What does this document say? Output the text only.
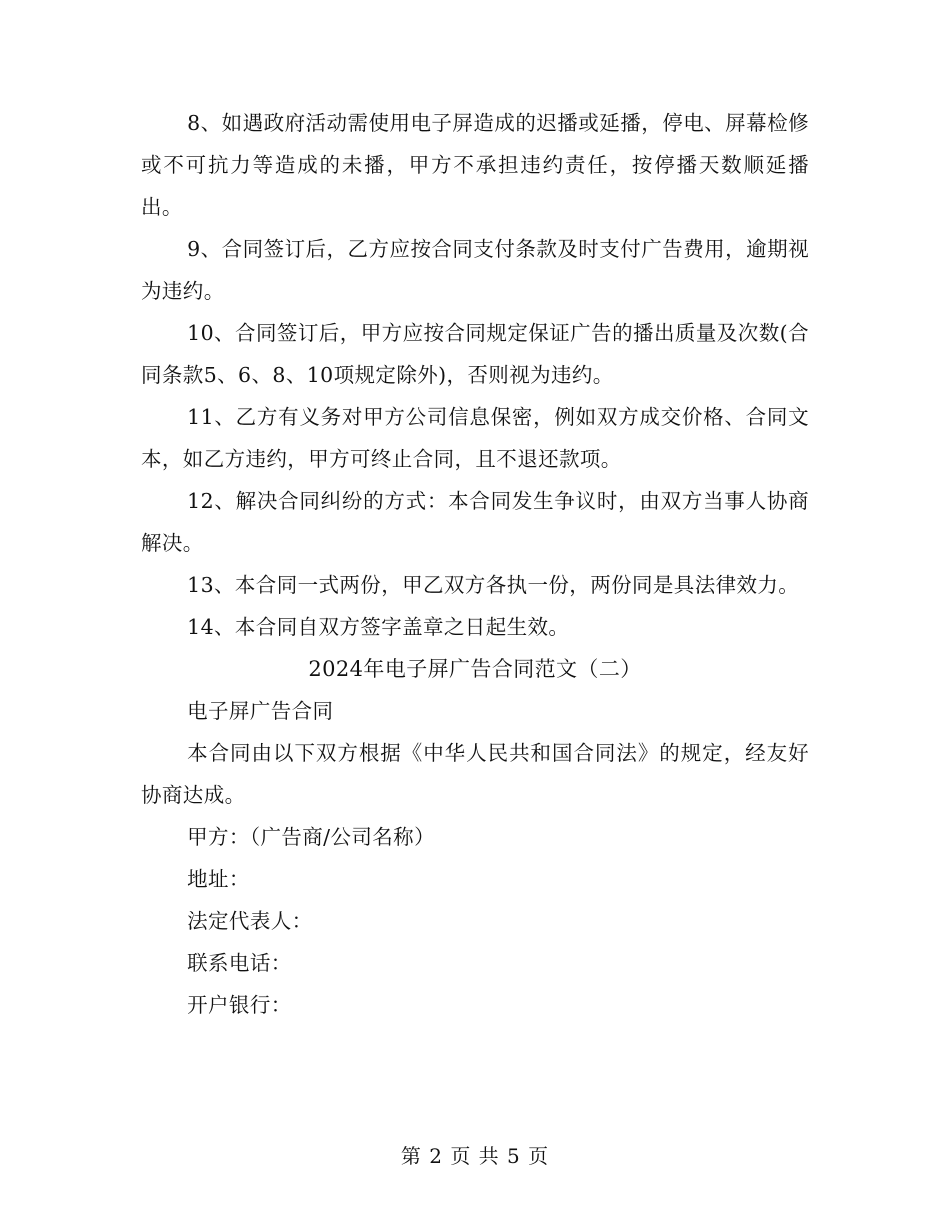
8、如遇政府活动需使用电子屏造成的迟播或延播，停电、屏幕检修或不可抗力等造成的未播，甲方不承担违约责任，按停播天数顺延播出。

9、合同签订后，乙方应按合同支付条款及时支付广告费用，逾期视为违约。

10、合同签订后，甲方应按合同规定保证广告的播出质量及次数(合同条款5、6、8、10项规定除外)，否则视为违约。

11、乙方有义务对甲方公司信息保密，例如双方成交价格、合同文本，如乙方违约，甲方可终止合同，且不退还款项。

12、解决合同纠纷的方式：本合同发生争议时，由双方当事人协商解决。

13、本合同一式两份，甲乙双方各执一份，两份同是具法律效力。

14、本合同自双方签字盖章之日起生效。

2024年电子屏广告合同范文（二）

电子屏广告合同

本合同由以下双方根据《中华人民共和国合同法》的规定，经友好协商达成。

甲方：（广告商/公司名称）

地址：

法定代表人：

联系电话：

开户银行：

第 2 页 共 5 页
